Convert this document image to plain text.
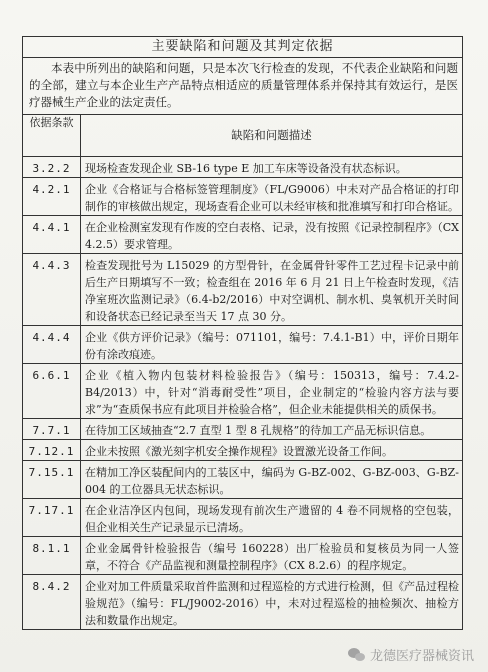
主要缺陷和问题及其判定依据	
本表中所列出的缺陷和问题，只是本次飞行检查的发现，不代表企业缺陷和问题的全部，建立与本企业生产产品特点相适应的质量管理体系并保持其有效运行，是医疗器械生产企业的法定责任。	
依据条款	缺陷和问题描述
3.2.2	现场检查发现企业 SB-16 type E 加工车床等设备没有状态标识。
4.2.1	企业《合格证与合格标签管理制度》（FL/G9006）中未对产品合格证的打印制作的审核做出规定，现场查看企业可以未经审核和批准填写和打印合格证。
4.4.1	在企业检测室发现有作废的空白表格、记录，没有按照《记录控制程序》（CX 4.2.5）要求管理。
4.4.3	检查发现批号为 L15029 的方型骨针，在金属骨针零件工艺过程卡记录中前后生产日期填写不一致；检查组在 2016 年 6 月 21 日上午检查时发现，《洁净室班次监测记录》（6.4-b2/2016）中对空调机、制水机、臭氧机开关时间和设备状态已经记录至当天 17 点 30 分。
4.4.4	企业《供方评价记录》（编号：071101，编号：7.4.1-B1）中，评价日期年份有涂改痕迹。
6.6.1	企业《植入物内包装材料检验报告》（编号：150313，编号：7.4.2-B4/2013）中，针对“消毒耐受性”项目，企业制定的“检验内容方法与要求”为“查质保书应有此项目并检验合格”，但企业未能提供相关的质保书。
7.7.1	在待加工区域抽查“2.7 直型 1 型 8 孔规格”的待加工产品无标识信息。
7.12.1	企业未按照《激光刻字机安全操作规程》设置激光设备工作间。
7.15.1	在精加工净区装配间内的工装区中，编码为 G-BZ-002、G-BZ-003、G-BZ-004 的工位器具无状态标识。
7.17.1	在企业洁净区内包间，现场发现有前次生产遗留的 4 卷不同规格的空包装，但企业相关生产记录显示已清场。
8.1.1	企业金属骨针检验报告（编号 160228）出厂检验员和复核员为同一人签章，不符合《产品监视和测量控制程序》（CX 8.2.6）的程序规定。
8.4.2	企业对加工件质量采取首件监测和过程巡检的方式进行检测，但《产品过程检验规范》（编号：FL/J9002-2016）中，未对过程巡检的抽检频次、抽检方法和数量作出规定。
龙德医疗器械资讯
